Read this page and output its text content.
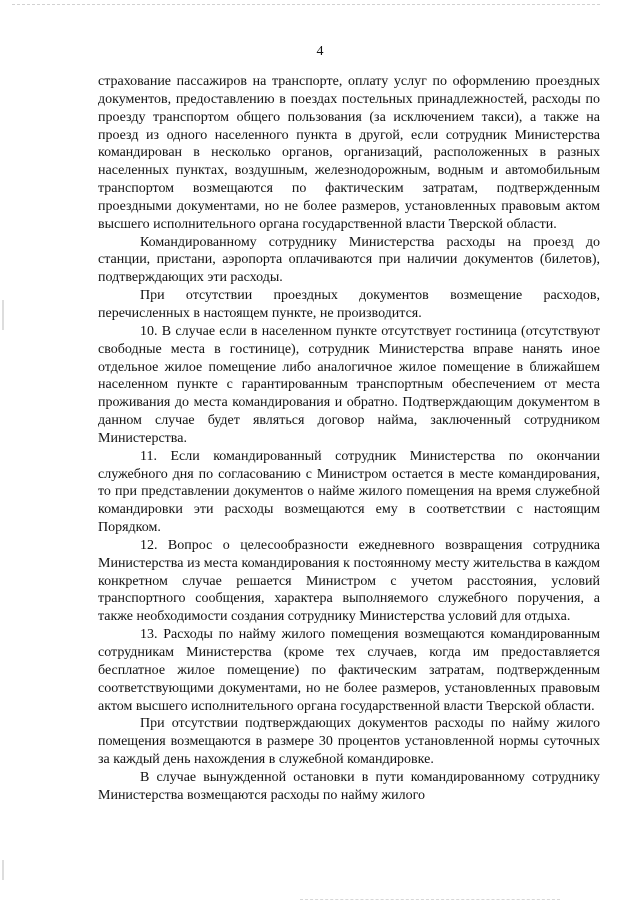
4

страхование пассажиров на транспорте, оплату услуг по оформлению проездных документов, предоставлению в поездах постельных принадлежностей, расходы по проезду транспортом общего пользования (за исключением такси), а также на проезд из одного населенного пункта в другой, если сотрудник Министерства командирован в несколько органов, организаций, расположенных в разных населенных пунктах, воздушным, железнодорожным, водным и автомобильным транспортом возмещаются по фактическим затратам, подтвержденным проездными документами, но не более размеров, установленных правовым актом высшего исполнительного органа государственной власти Тверской области.

Командированному сотруднику Министерства расходы на проезд до станции, пристани, аэропорта оплачиваются при наличии документов (билетов), подтверждающих эти расходы.

При отсутствии проездных документов возмещение расходов, перечисленных в настоящем пункте, не производится.

10. В случае если в населенном пункте отсутствует гостиница (отсутствуют свободные места в гостинице), сотрудник Министерства вправе нанять иное отдельное жилое помещение либо аналогичное жилое помещение в ближайшем населенном пункте с гарантированным транспортным обеспечением от места проживания до места командирования и обратно. Подтверждающим документом в данном случае будет являться договор найма, заключенный сотрудником Министерства.

11. Если командированный сотрудник Министерства по окончании служебного дня по согласованию с Министром остается в месте командирования, то при представлении документов о найме жилого помещения на время служебной командировки эти расходы возмещаются ему в соответствии с настоящим Порядком.

12. Вопрос о целесообразности ежедневного возвращения сотрудника Министерства из места командирования к постоянному месту жительства в каждом конкретном случае решается Министром с учетом расстояния, условий транспортного сообщения, характера выполняемого служебного поручения, а также необходимости создания сотруднику Министерства условий для отдыха.

13. Расходы по найму жилого помещения возмещаются командированным сотрудникам Министерства (кроме тех случаев, когда им предоставляется бесплатное жилое помещение) по фактическим затратам, подтвержденным соответствующими документами, но не более размеров, установленных правовым актом высшего исполнительного органа государственной власти Тверской области.

При отсутствии подтверждающих документов расходы по найму жилого помещения возмещаются в размере 30 процентов установленной нормы суточных за каждый день нахождения в служебной командировке.

В случае вынужденной остановки в пути командированному сотруднику Министерства возмещаются расходы по найму жилого
